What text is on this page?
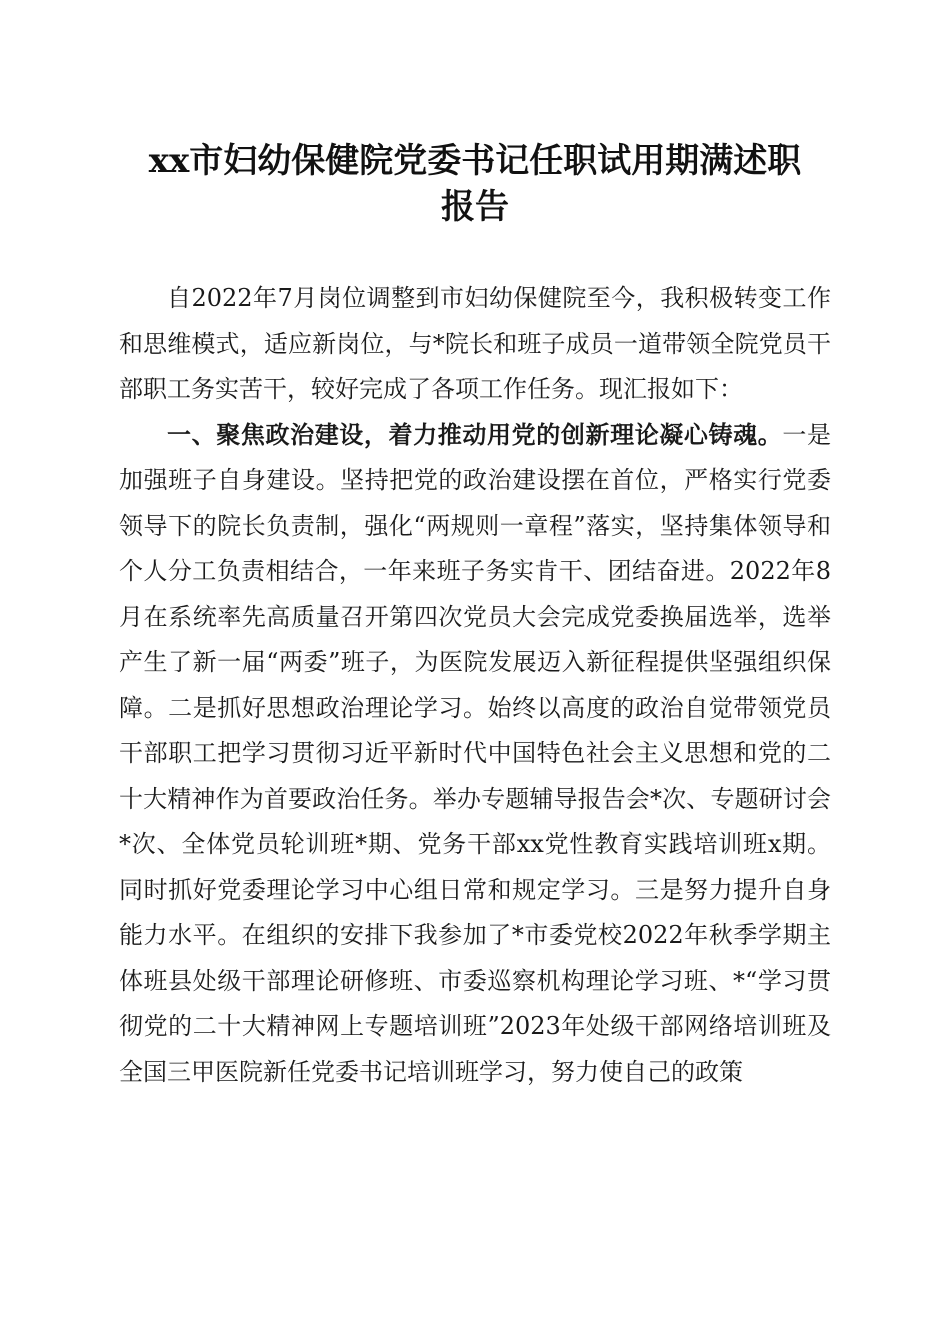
xx市妇幼保健院党委书记任职试用期满述职
报告

自2022年7月岗位调整到市妇幼保健院至今，我积极转变工作和思维模式，适应新岗位，与*院长和班子成员一道带领全院党员干部职工务实苦干，较好完成了各项工作任务。现汇报如下：

一、聚焦政治建设，着力推动用党的创新理论凝心铸魂。一是加强班子自身建设。坚持把党的政治建设摆在首位，严格实行党委领导下的院长负责制，强化“两规则一章程”落实，坚持集体领导和个人分工负责相结合，一年来班子务实肯干、团结奋进。2022年8月在系统率先高质量召开第四次党员大会完成党委换届选举，选举产生了新一届“两委”班子，为医院发展迈入新征程提供坚强组织保障。二是抓好思想政治理论学习。始终以高度的政治自觉带领党员干部职工把学习贯彻习近平新时代中国特色社会主义思想和党的二十大精神作为首要政治任务。举办专题辅导报告会*次、专题研讨会*次、全体党员轮训班*期、党务干部xx党性教育实践培训班x期。同时抓好党委理论学习中心组日常和规定学习。三是努力提升自身能力水平。在组织的安排下我参加了*市委党校2022年秋季学期主体班县处级干部理论研修班、市委巡察机构理论学习班、*“学习贯彻党的二十大精神网上专题培训班”2023年处级干部网络培训班及全国三甲医院新任党委书记培训班学习，努力使自己的政策
